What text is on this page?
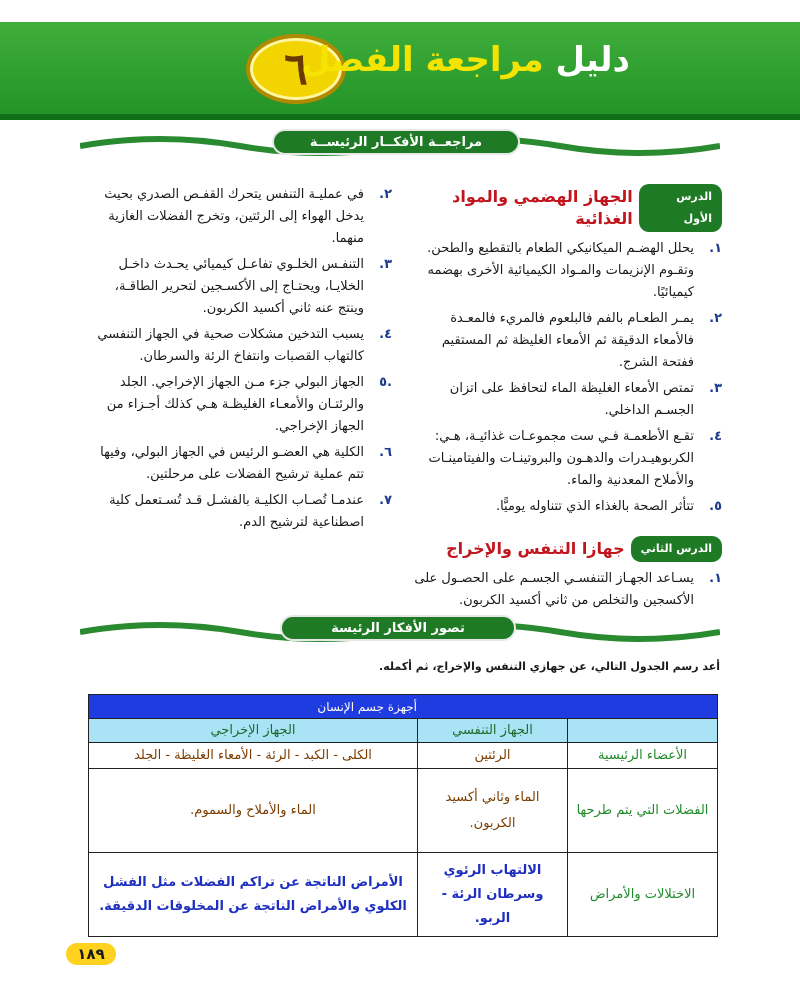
٦	دليل مراجعة الفصل
مراجعــة الأفكــار الرئيســة
الدرس الأول
الجهاز الهضمي والمواد الغذائية
١.
يحلل الهضـم الميكانيكي الطعام بالتقطيع والطحن. وتقـوم الإنزيمات والمـواد الكيميائية الأخرى بهضمه كيميائيًا.
٢.
يمـر الطعـام بالفم فالبلعوم فالمريء فالمعـدة فالأمعاء الدقيقة ثم الأمعاء الغليظة ثم المستقيم ففتحة الشرج.
٣.
تمتص الأمعاء الغليظة الماء لتحافظ على اتزان الجسـم الداخلي.
٤.
تقـع الأطعمـة فـي ست مجموعـات غذائيـة، هـي: الكربوهيـدرات والدهـون والبروتينـات والفيتامينـات والأملاح المعدنية والماء.
٥.
تتأثر الصحة بالغذاء الذي تتناوله يوميًّا.
الدرس الثاني
جهازا التنفس والإخراج
١.
يسـاعد الجهـاز التنفسـي الجسـم على الحصـول على الأكسجين والتخلص من ثاني أكسيد الكربون.
٢.
في عمليـة التنفس يتحرك القفـص الصدري بحيث يدخل الهواء إلى الرئتين، وتخرج الفضلات الغازية منهما.
٣.
التنفـس الخلـوي تفاعـل كيميائي يحـدث داخـل الخلايـا، ويحتـاج إلى الأكسـجين لتحرير الطاقـة، وينتج عنه ثاني أكسيد الكربون.
٤.
يسبب التدخين مشكلات صحية في الجهاز التنفسي كالتهاب القصبات وانتفاخ الرئة والسرطان.
.٥
الجهاز البولي جزء مـن الجهاز الإخراجي. الجلد والرئتـان والأمعـاء الغليظـة هـي كذلك أجـزاء من الجهاز الإخراجي.
٦.
الكلية هي العضـو الرئيس في الجهاز البولي، وفيها تتم عملية ترشيح الفضلات على مرحلتين.
٧.
عندمـا تُصـاب الكليـة بالفشـل قـد تُسـتعمل كلية اصطناعية لترشيح الدم.
تصور الأفكار الرئيسة
أعد رسم الجدول التالي، عن جهازي التنفس والإخراج، ثم أكمله.
أجهزة جسم الإنسان		
	الجهاز التنفسي	الجهاز الإخراجي
الأعضاء الرئيسية	الرئتين	الكلى - الكبد - الرئة - الأمعاء الغليظة - الجلد
الفضلات التي يتم طرحها	الماء وثاني أكسيد الكربون.	الماء والأملاح والسموم.
الاختلالات والأمراض	الالتهاب الرئوي وسرطان الرئة - الربو.	الأمراض الناتجة عن تراكم الفضلات مثل الفشل الكلوي والأمراض الناتجة عن المخلوقات الدقيقة.
١٨٩
